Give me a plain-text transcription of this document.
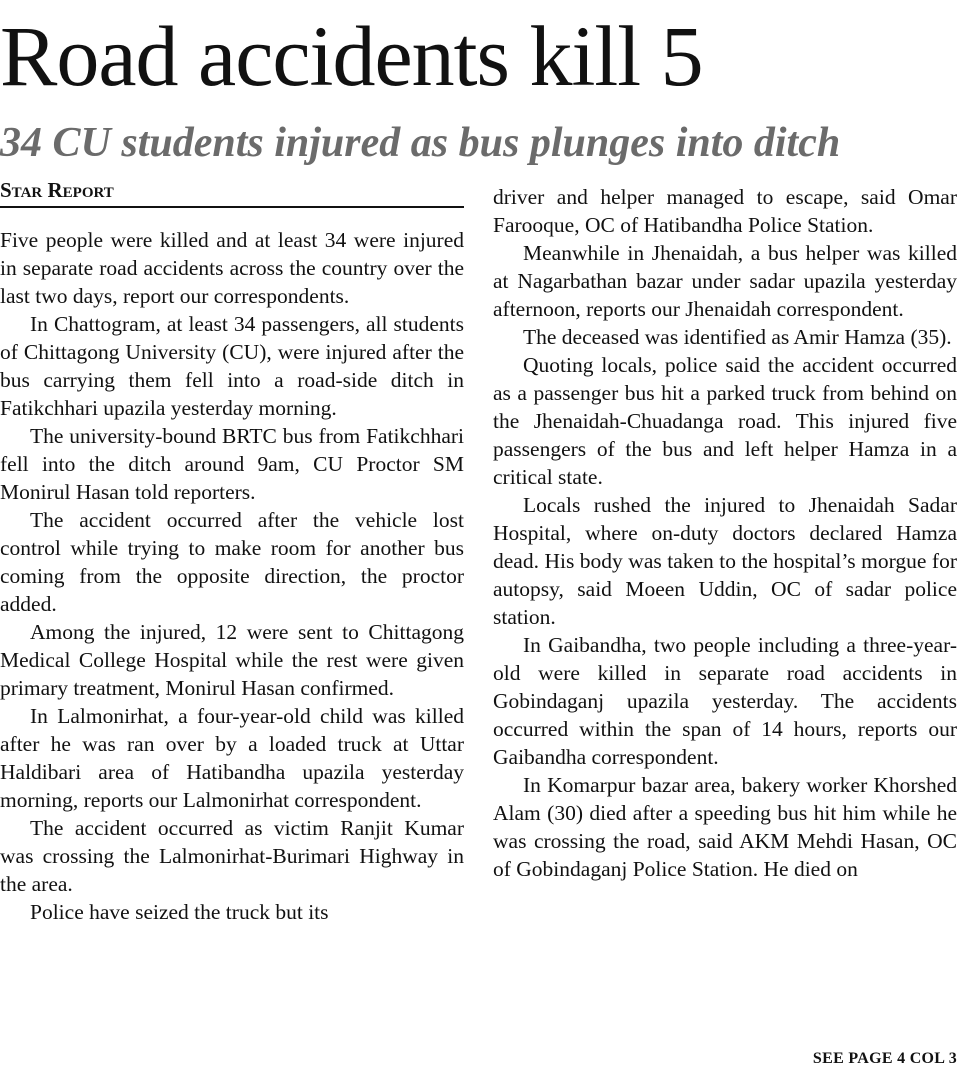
Road accidents kill 5
34 CU students injured as bus plunges into ditch
Star Report

Five people were killed and at least 34 were injured in separate road accidents across the country over the last two days, report our correspondents.

In Chattogram, at least 34 passengers, all students of Chittagong University (CU), were injured after the bus carrying them fell into a road-side ditch in Fatikchhari upazila yesterday morning.

The university-bound BRTC bus from Fatikchhari fell into the ditch around 9am, CU Proctor SM Monirul Hasan told reporters.

The accident occurred after the vehicle lost control while trying to make room for another bus coming from the opposite direction, the proctor added.

Among the injured, 12 were sent to Chittagong Medical College Hospital while the rest were given primary treatment, Monirul Hasan confirmed.

In Lalmonirhat, a four-year-old child was killed after he was ran over by a loaded truck at Uttar Haldibari area of Hatibandha upazila yesterday morning, reports our Lalmonirhat correspondent.

The accident occurred as victim Ranjit Kumar was crossing the Lalmonirhat-Burimari Highway in the area.

Police have seized the truck but its

driver and helper managed to escape, said Omar Farooque, OC of Hatibandha Police Station.

Meanwhile in Jhenaidah, a bus helper was killed at Nagarbathan bazar under sadar upazila yesterday afternoon, reports our Jhenaidah correspondent.

The deceased was identified as Amir Hamza (35).

Quoting locals, police said the accident occurred as a passenger bus hit a parked truck from behind on the Jhenaidah-Chuadanga road. This injured five passengers of the bus and left helper Hamza in a critical state.

Locals rushed the injured to Jhenaidah Sadar Hospital, where on-duty doctors declared Hamza dead. His body was taken to the hospital’s morgue for autopsy, said Moeen Uddin, OC of sadar police station.

In Gaibandha, two people including a three-year-old were killed in separate road accidents in Gobindaganj upazila yesterday. The accidents occurred within the span of 14 hours, reports our Gaibandha correspondent.

In Komarpur bazar area, bakery worker Khorshed Alam (30) died after a speeding bus hit him while he was crossing the road, said AKM Mehdi Hasan, OC of Gobindaganj Police Station. He died on

SEE PAGE 4 COL 3
